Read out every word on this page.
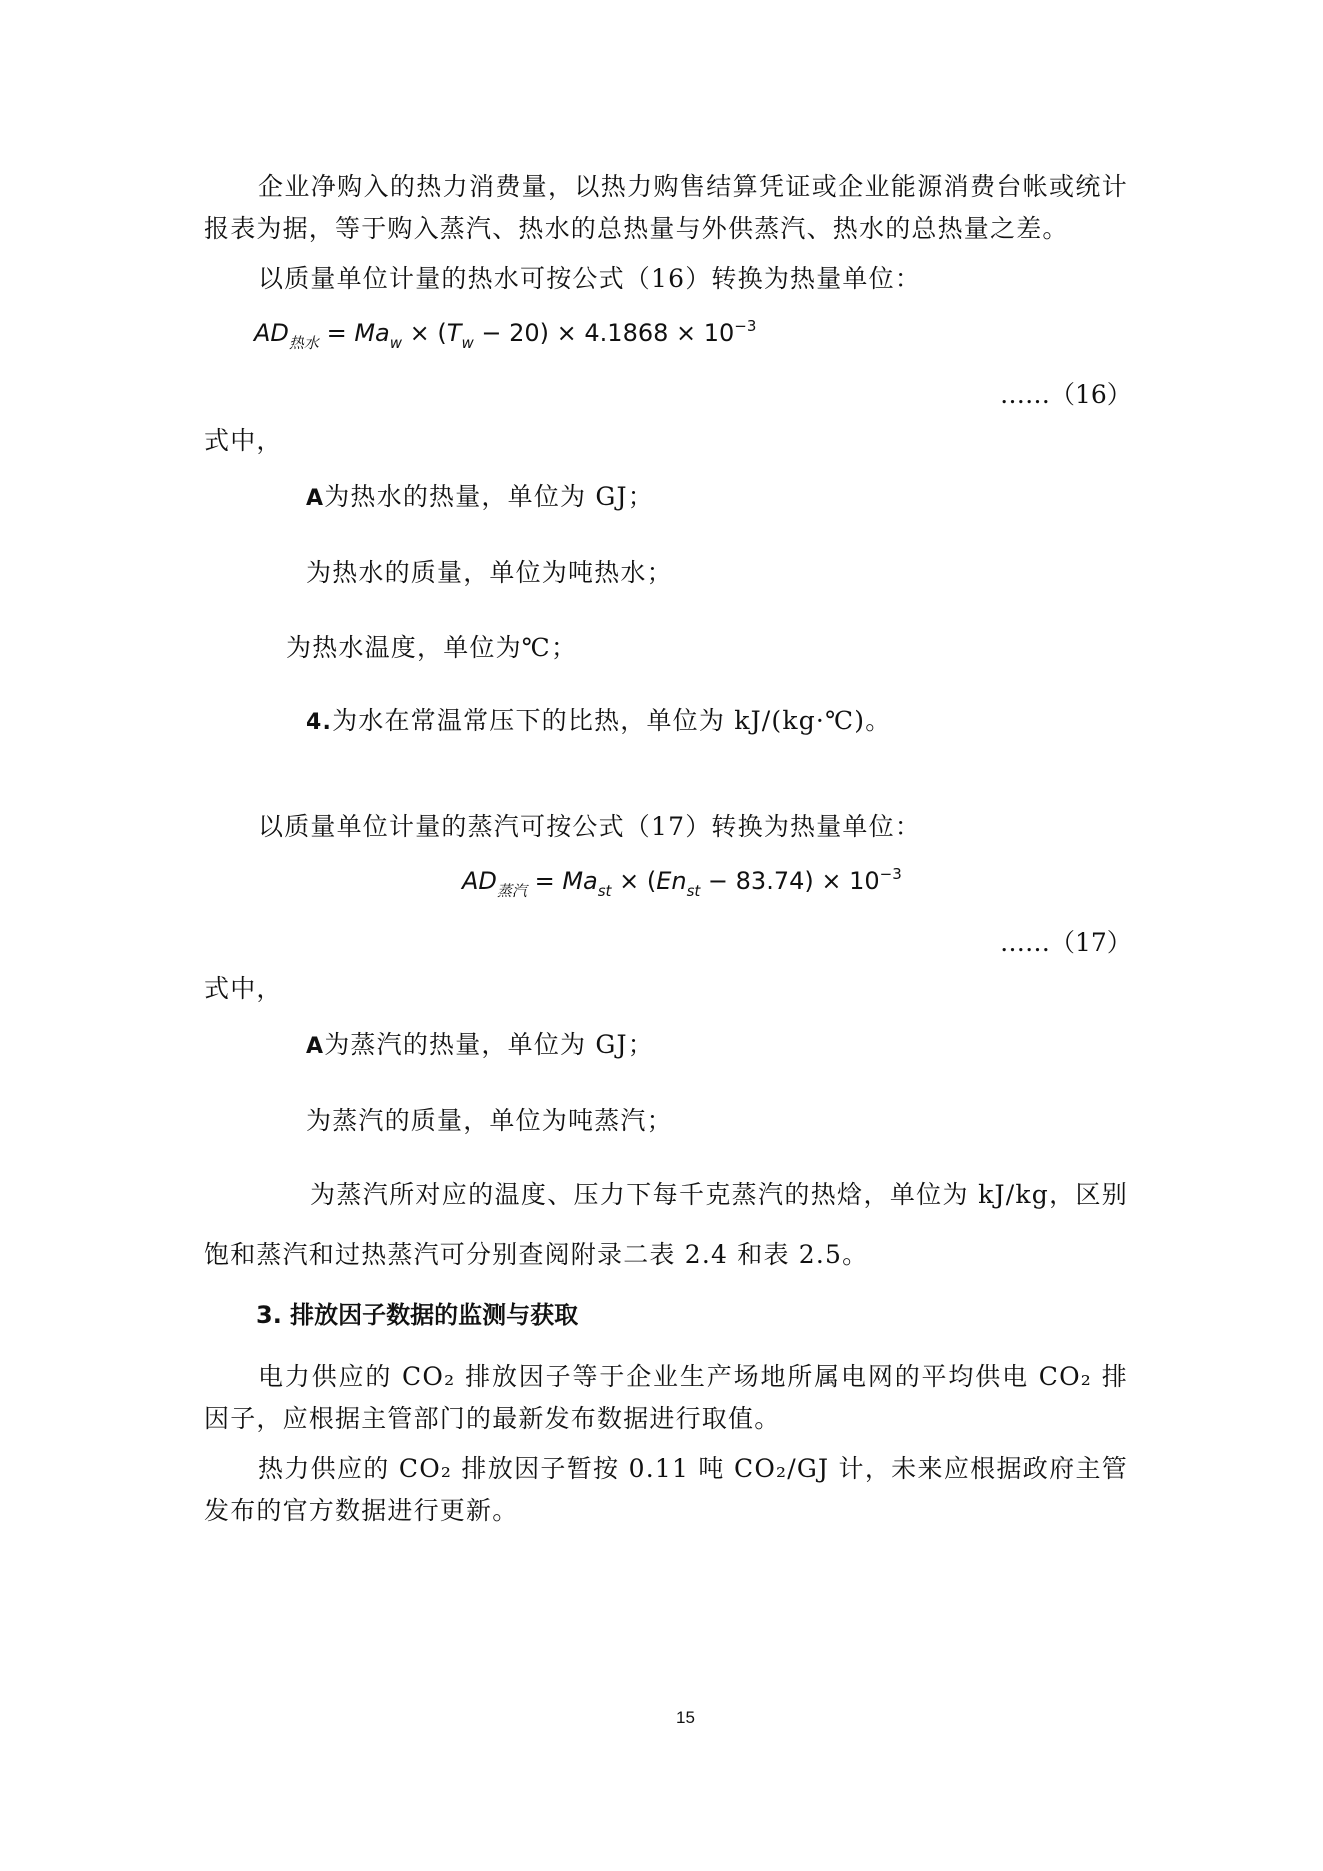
企业净购入的热力消费量，以热力购售结算凭证或企业能源消费台帐或统计
报表为据，等于购入蒸汽、热水的总热量与外供蒸汽、热水的总热量之差。
以质量单位计量的热水可按公式（16）转换为热量单位：
$AD_{热水} = Ma_w \times (T_w - 20) \times 4.1868 \times 10^{-3}$
……（16）
式中，
A为热水的热量，单位为 GJ；
为热水的质量，单位为吨热水；
为热水温度，单位为℃；
4.为水在常温常压下的比热，单位为 kJ/(kg·℃)。
以质量单位计量的蒸汽可按公式（17）转换为热量单位：
$AD_{蒸汽} = Ma_{st} \times (En_{st} - 83.74) \times 10^{-3}$
……（17）
式中，
A为蒸汽的热量，单位为 GJ；
为蒸汽的质量，单位为吨蒸汽；
为蒸汽所对应的温度、压力下每千克蒸汽的热焓，单位为 kJ/kg，区别
饱和蒸汽和过热蒸汽可分别查阅附录二表 2.4 和表 2.5。
3. 排放因子数据的监测与获取
电力供应的 CO₂ 排放因子等于企业生产场地所属电网的平均供电 CO₂ 排
因子，应根据主管部门的最新发布数据进行取值。
热力供应的 CO₂ 排放因子暂按 0.11 吨 CO₂/GJ 计，未来应根据政府主管
发布的官方数据进行更新。
15
